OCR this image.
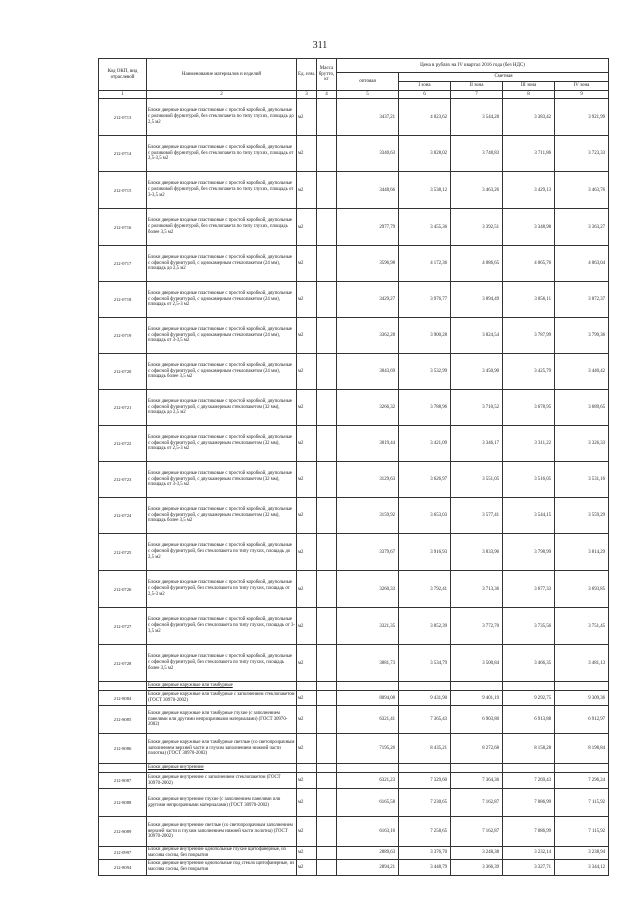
311
Код ОКП, вид отраслевой	Наименование материалов и изделий	Ед. изм.	Масса брутто, кг	Цена в рублях на IV квартал 2016 года (без НДС)				
				оптовая	Сметная			
					I зона	II зона	III зона	IV зона
1	2	3	4	5	6	7	8	9
212-0713	Блоки дверные входные пластиковые с простой коробкой, двупольные с роликовой фурнитурой, без стеклопакета по типу глухих, площадь до 2,5 м2	м2		3437,21	4 023,62	3 544,28	3 383,42	3 921,99
212-0714	Блоки дверные входные пластиковые с простой коробкой, двупольные с роликовой фурнитурой, без стеклопакета по типу глухих, площадь от 2,5-3,5 м2	м2		3340,63	3 828,02	3 748,83	3 711,86	3 723,33
212-0715	Блоки дверные входные пластиковые с простой коробкой, двупольные с роликовой фурнитурой, без стеклопакета по типу глухих, площадь от 3-3,5 м2	м2		3448,66	3 538,12	3 463,26	3 429,13	3 463,76
212-0716	Блоки дверные входные пластиковые с простой коробкой, двупольные с роликовой фурнитурой, без стеклопакета по типу глухих, площадь более 3,5 м2	м2		2977,79	3 455,36	3 392,51	3 348,98	3 363,27
212-0717	Блоки дверные входные пластиковые с простой коробкой, двупольные с офисной фурнитурой, с однокамерным стеклопакетом (24 мм), площадь до 2,5 м2	м2		3596,98	4 172,36	4 086,65	4 065,76	4 063,04
212-0718	Блоки дверные входные пластиковые с простой коробкой, двупольные с офисной фурнитурой, с однокамерным стеклопакетом (24 мм), площадь от 2,5-3 м2	м2		3429,27	3 976,77	3 894,49	3 856,11	3 872,37
212-0719	Блоки дверные входные пластиковые с простой коробкой, двупольные с офисной фурнитурой, с однокамерным стеклопакетом (24 мм), площадь от 3-3,5 м2	м2		3362,28	3 900,28	3 824,54	3 787,99	3 799,36
212-0720	Блоки дверные входные пластиковые с простой коробкой, двупольные с офисной фурнитурой, с однокамерным стеклопакетом (24 мм), площадь более 3,5 м2	м2		3043,69	3 532,99	3 450,90	3 425,79	3 440,42
212-0721	Блоки дверные входные пластиковые с простой коробкой, двупольные с офисной фурнитурой, с двухкамерным стеклопакетом (32 мм), площадь до 2,5 м2	м2		3266,32	3 788,96	3 710,52	3 678,95	3 689,65
212-0722	Блоки дверные входные пластиковые с простой коробкой, двупольные с офисной фурнитурой, с двухкамерным стеклопакетом (32 мм), площадь от 2,5-3 м2	м2		3019,44	3 421,09	3 346,17	3 311,22	3 326,33
212-0723	Блоки дверные входные пластиковые с простой коробкой, двупольные с офисной фурнитурой, с двухкамерным стеклопакетом (32 мм), площадь от 3-3,5 м2	м2		3129,63	3 626,97	3 551,05	3 516,05	3 531,16
212-0724	Блоки дверные входные пластиковые с простой коробкой, двупольные с офисной фурнитурой, с двухкамерным стеклопакетом (32 мм), площадь более 3,5 м2	м2		3159,92	3 653,03	3 577,41	3 544,15	3 559,29
212-0725	Блоки дверные входные пластиковые с простой коробкой, двупольные с офисной фурнитурой, без стеклопакета по типу глухих, площадь до 2,5 м2	м2		3379,67	3 916,93	3 833,96	3 798,99	3 814,29
212-0726	Блоки дверные входные пластиковые с простой коробкой, двупольные с офисной фурнитурой, без стеклопакета по типу глухих, площадь от 2,5-3 м2	м2		3260,33	3 792,41	3 713,36	3 677,33	3 693,85
212-0727	Блоки дверные входные пластиковые с простой коробкой, двупольные с офисной фурнитурой, без стеклопакета по типу глухих, площадь от 3-3,5 м2	м2		3321,35	3 852,39	3 772,70	3 735,56	3 751,45
212-0728	Блоки дверные входные пластиковые с простой коробкой, двупольные с офисной фурнитурой, без стеклопакета по типу глухих, площадь более 3,5 м2	м2		3081,73	3 534,79	3 500,84	3 466,35	3 481,13
	Блоки дверные наружные или тамбурные							
212-8084	Блоки дверные наружные или тамбурные с заполнением стеклопакетом (ГОСТ 30970-2002)	м2		8094,08	9 431,90	9 401,19	9 292,75	9 309,36
212-8085	Блоки дверные наружные или тамбурные глухие (с заполнением панелями или другими непрозрачными материалами) (ГОСТ 30970-2002)	м2		6321,41	7 365,43	6 903,80	6 913,88	6 912,97
212-8086	Блоки дверные наружные или тамбурные светлые (со светопрозрачным заполнением верхней части и глухим заполнением нижней части полотна) (ГОСТ 30970-2002)	м2		7195,26	8 435,21	8 272,68	8 158,28	8 198,84
	Блоки дверные внутренние							
212-8087	Блоки дверные внутренние с заполнением стеклопакетом (ГОСТ 30970-2002)	м2		6321,23	7 329,60	7 364,36	7 269,43	7 296,24
212-8088	Блоки дверные внутренние глухие (с заполнением панелями или другими непрозрачными материалами) (ГОСТ 30970-2002)	м2		6165,58	7 230,65	7 162,87	7 086,99	7 115,92
212-8089	Блоки дверные внутренние светлые (со светопрозрачным заполнением верхней части и глухим заполнением нижней части полотна) (ГОСТ 30970-2002)	м2		6163,16	7 258,65	7 162,87	7 086,99	7 115,92
212-0997	Блоки дверные внутренние однопольные глухие щитофанерные, из массива сосны, без покрытия	м2		2889,63	3 376,70	3 248,38	3 232,14	3 238,94
212-8094	Блоки дверные внутренние однопольные под стекло щитофанерные, из массива сосны, без покрытия	м2		2894,21	3 448,79	3 366,39	3 327,71	3 344,12
